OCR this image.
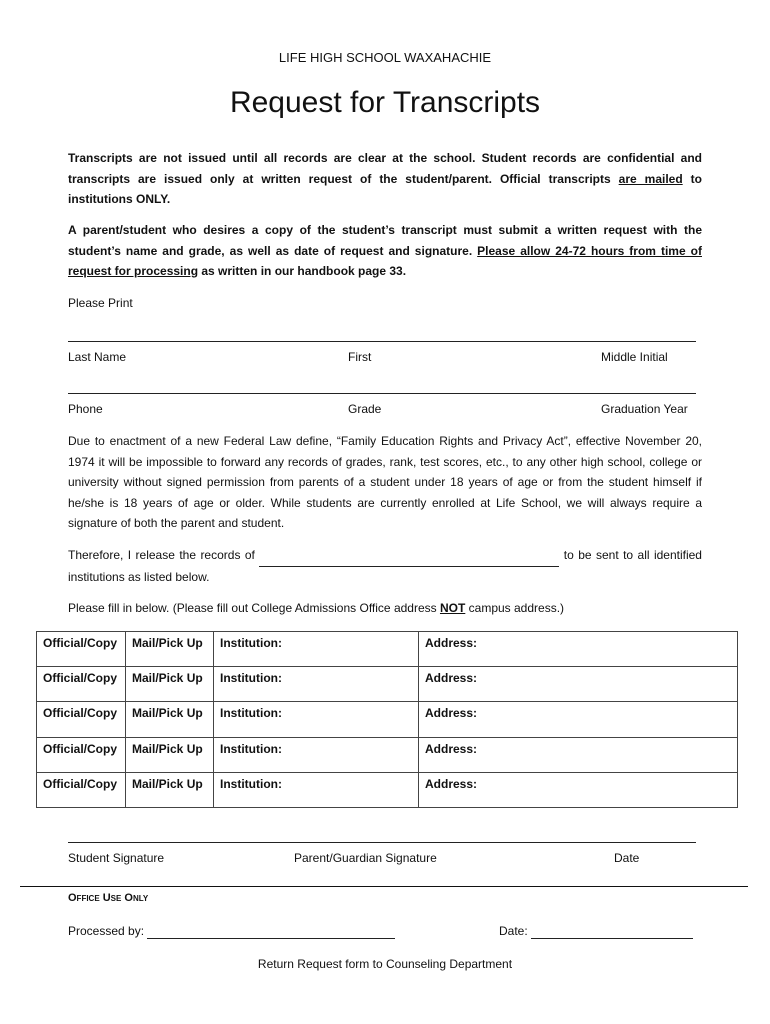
LIFE HIGH SCHOOL WAXAHACHIE
Request for Transcripts
Transcripts are not issued until all records are clear at the school. Student records are confidential and transcripts are issued only at written request of the student/parent. Official transcripts are mailed to institutions ONLY.
A parent/student who desires a copy of the student’s transcript must submit a written request with the student’s name and grade, as well as date of request and signature. Please allow 24-72 hours from time of request for processing as written in our handbook page 33.
Please Print
Last Name	First	Middle Initial
Phone	Grade	Graduation Year
Due to enactment of a new Federal Law define, “Family Education Rights and Privacy Act”, effective November 20, 1974 it will be impossible to forward any records of grades, rank, test scores, etc., to any other high school, college or university without signed permission from parents of a student under 18 years of age or from the student himself if he/she is 18 years of age or older. While students are currently enrolled at Life School, we will always require a signature of both the parent and student.
Therefore, I release the records of	to be sent to all identified institutions as listed below.
Please fill in below. (Please fill out College Admissions Office address NOT campus address.)
Official/Copy	Mail/Pick Up	Institution:	Address:
Official/Copy	Mail/Pick Up	Institution:	Address:
Official/Copy	Mail/Pick Up	Institution:	Address:
Official/Copy	Mail/Pick Up	Institution:	Address:
Official/Copy	Mail/Pick Up	Institution:	Address:
Student Signature	Parent/Guardian Signature	Date
Office Use Only
Processed by:	Date:
Return Request form to Counseling Department
